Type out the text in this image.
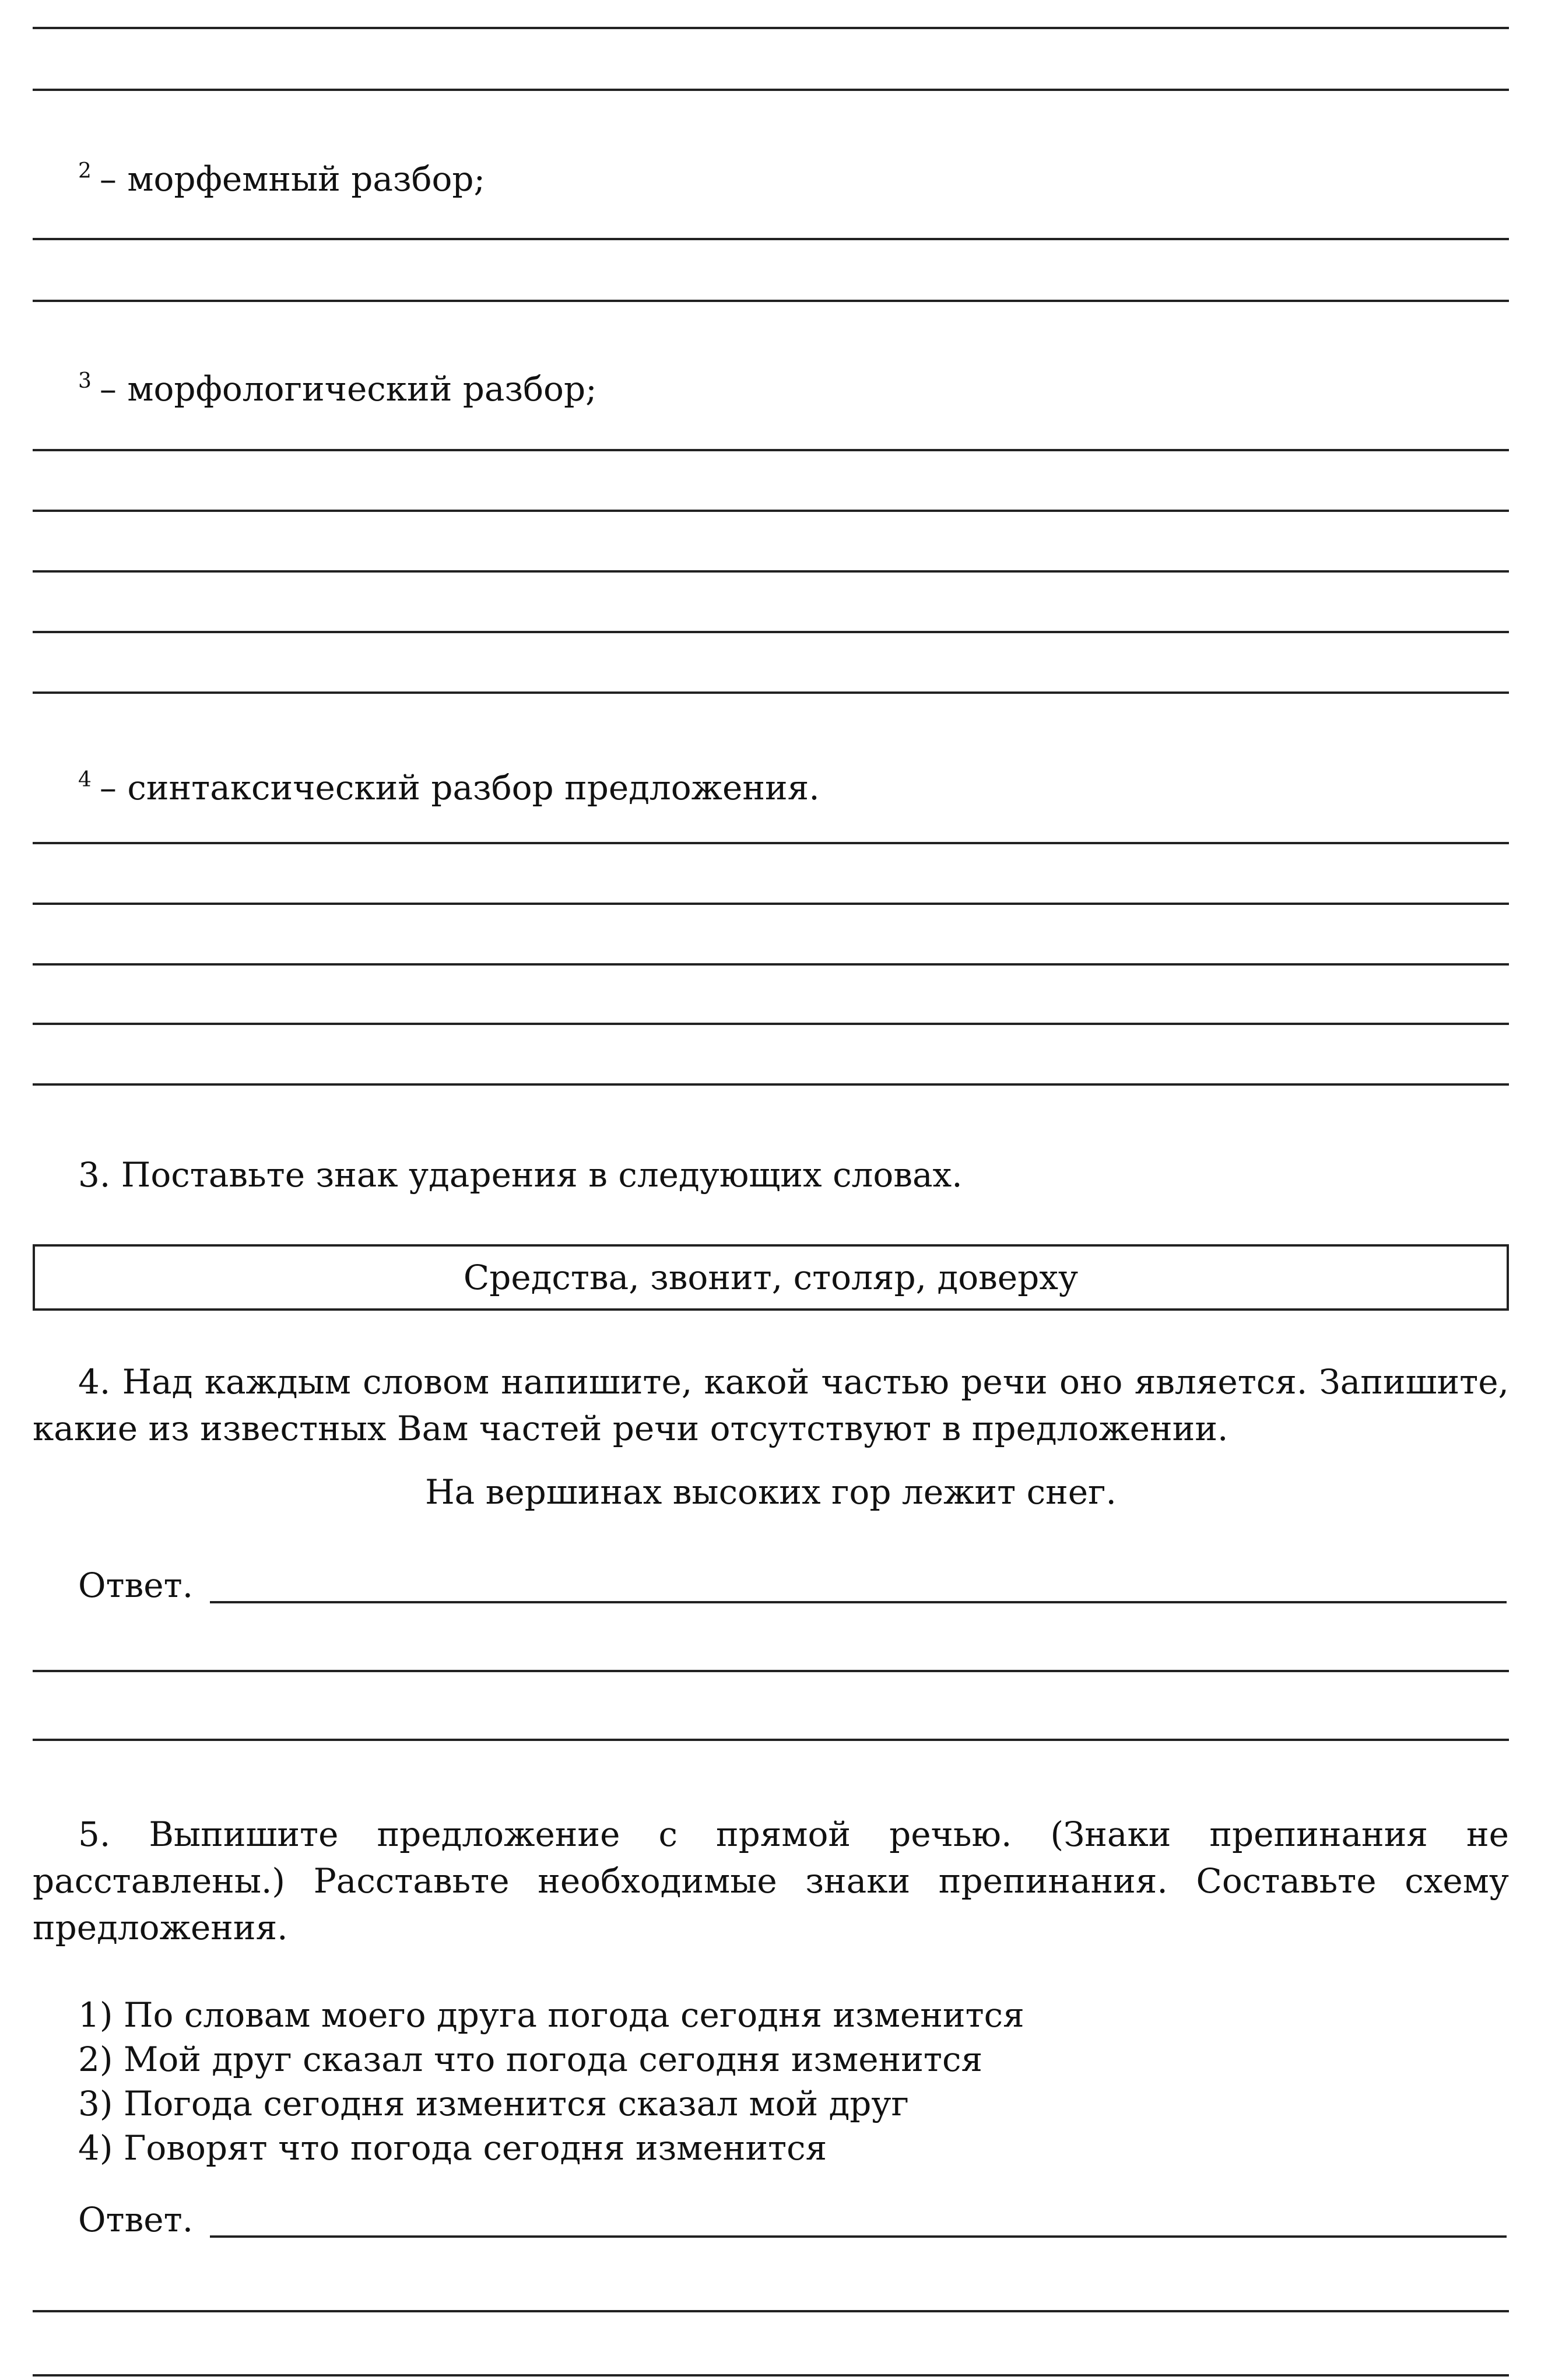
$^2$ – морфемный разбор;
$^3$ – морфологический разбор;
$^4$ – синтаксический разбор предложения.
3. Поставьте знак ударения в следующих словах.
Средства, звонит, столяр, доверху
4. Над каждым словом напишите, какой частью речи оно является. Запишите, какие из известных Вам частей речи отсутствуют в предложении.
На вершинах высоких гор лежит снег.
Ответ.
5. Выпишите предложение с прямой речью. (Знаки препинания не расставлены.) Расставьте необходимые знаки препинания. Составьте схему предложения.
1) По словам моего друга погода сегодня изменится
2) Мой друг сказал что погода сегодня изменится
3) Погода сегодня изменится сказал мой друг
4) Говорят что погода сегодня изменится
Ответ.
